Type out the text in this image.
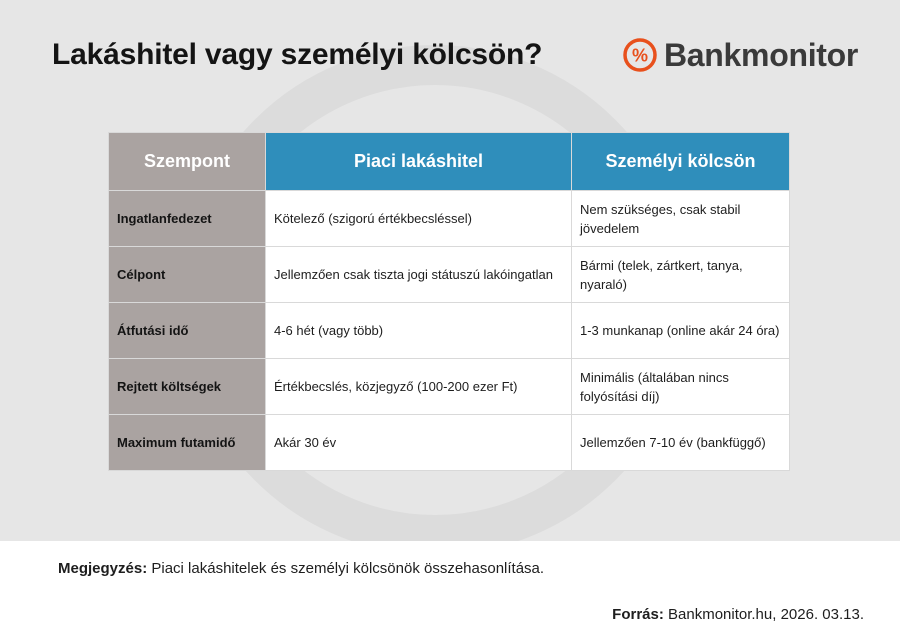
Lakáshitel vagy személyi kölcsön?	% Bankmonitor
Szempont	Piaci lakáshitel	Személyi kölcsön
Ingatlanfedezet	Kötelező (szigorú értékbecsléssel)	Nem szükséges, csak stabil jövedelem
Célpont	Jellemzően csak tiszta jogi státuszú lakóingatlan	Bármi (telek, zártkert, tanya, nyaraló)
Átfutási idő	4-6 hét (vagy több)	1-3 munkanap (online akár 24 óra)
Rejtett költségek	Értékbecslés, közjegyző (100-200 ezer Ft)	Minimális (általában nincs folyósítási díj)
Maximum futamidő	Akár 30 év	Jellemzően 7-10 év (bankfüggő)
Megjegyzés: Piaci lakáshitelek és személyi kölcsönök összehasonlítása.
Forrás: Bankmonitor.hu, 2026. 03.13.
